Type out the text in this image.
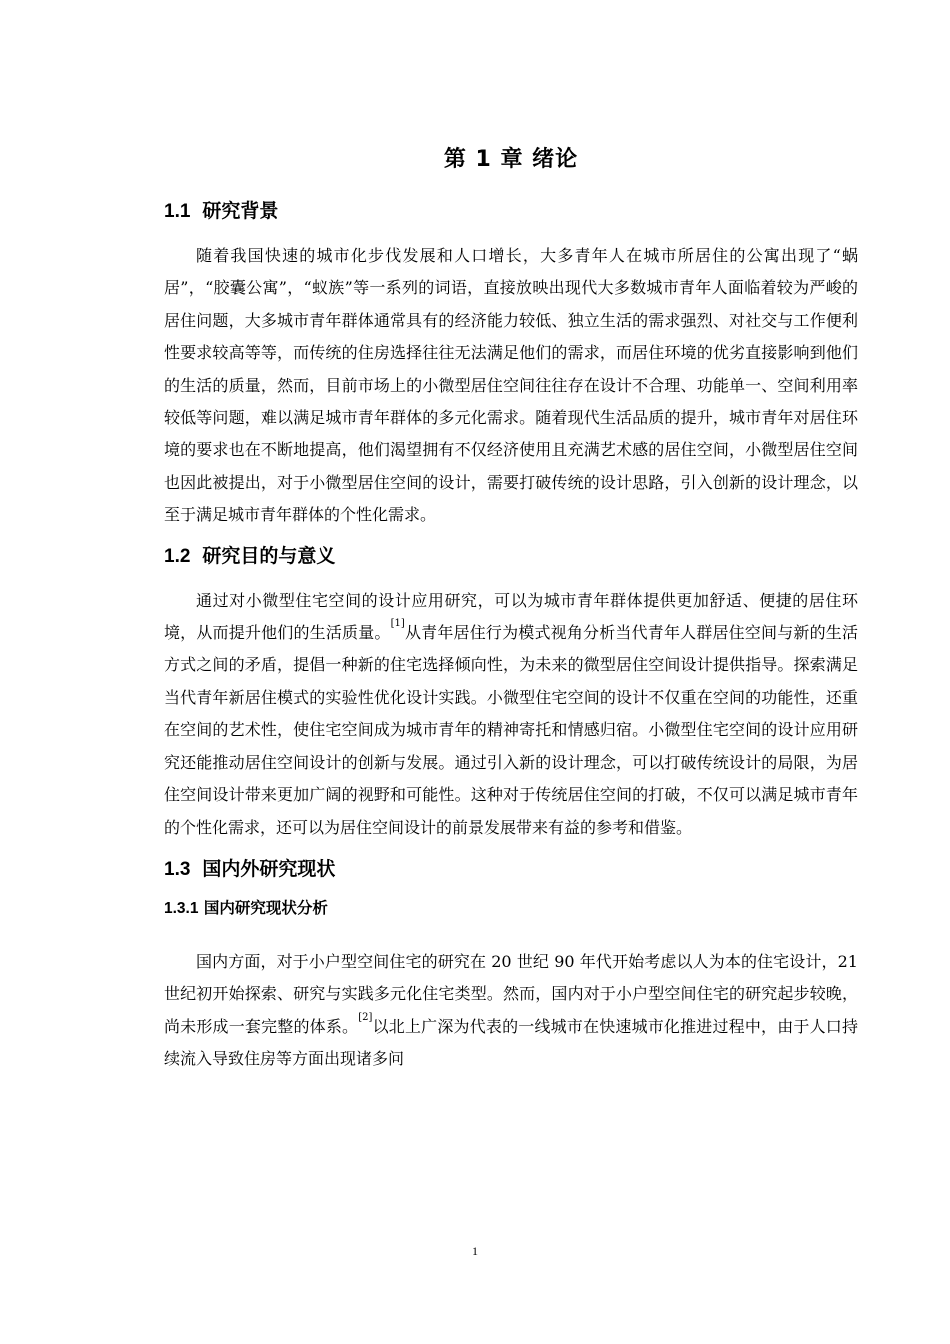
第 1 章 绪论
1.1 研究背景

随着我国快速的城市化步伐发展和人口增长，大多青年人在城市所居住的公寓出现了“蜗居”，“胶囊公寓”，“蚁族”等一系列的词语，直接放映出现代大多数城市青年人面临着较为严峻的居住问题，大多城市青年群体通常具有的经济能力较低、独立生活的需求强烈、对社交与工作便利性要求较高等等，而传统的住房选择往往无法满足他们的需求，而居住环境的优劣直接影响到他们的生活的质量，然而，目前市场上的小微型居住空间往往存在设计不合理、功能单一、空间利用率较低等问题，难以满足城市青年群体的多元化需求。随着现代生活品质的提升，城市青年对居住环境的要求也在不断地提高，他们渴望拥有不仅经济使用且充满艺术感的居住空间，小微型居住空间也因此被提出，对于小微型居住空间的设计，需要打破传统的设计思路，引入创新的设计理念，以至于满足城市青年群体的个性化需求。

1.2 研究目的与意义

通过对小微型住宅空间的设计应用研究，可以为城市青年群体提供更加舒适、便捷的居住环境，从而提升他们的生活质量。[1]从青年居住行为模式视角分析当代青年人群居住空间与新的生活方式之间的矛盾，提倡一种新的住宅选择倾向性，为未来的微型居住空间设计提供指导。探索满足当代青年新居住模式的实验性优化设计实践。小微型住宅空间的设计不仅重在空间的功能性，还重在空间的艺术性，使住宅空间成为城市青年的精神寄托和情感归宿。小微型住宅空间的设计应用研究还能推动居住空间设计的创新与发展。通过引入新的设计理念，可以打破传统设计的局限，为居住空间设计带来更加广阔的视野和可能性。这种对于传统居住空间的打破，不仅可以满足城市青年的个性化需求，还可以为居住空间设计的前景发展带来有益的参考和借鉴。

1.3 国内外研究现状
1.3.1 国内研究现状分析

国内方面，对于小户型空间住宅的研究在 20 世纪 90 年代开始考虑以人为本的住宅设计，21 世纪初开始探索、研究与实践多元化住宅类型。然而，国内对于小户型空间住宅的研究起步较晚，尚未形成一套完整的体系。[2]以北上广深为代表的一线城市在快速城市化推进过程中，由于人口持续流入导致住房等方面出现诸多问

1
